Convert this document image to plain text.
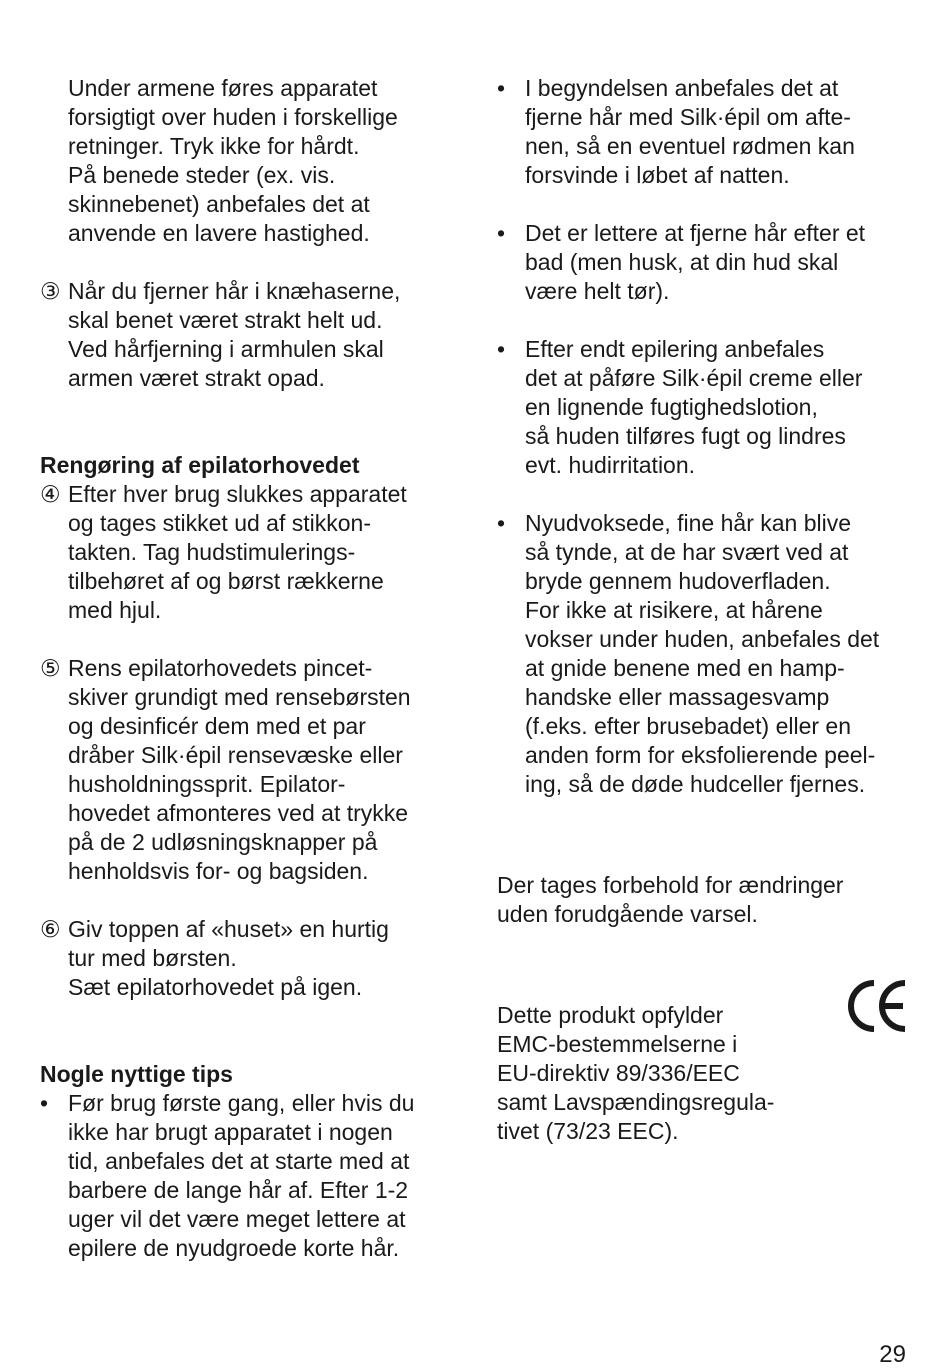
Under armene føres apparatet
forsigtigt over huden i forskellige
retninger. Tryk ikke for hårdt.
På benede steder (ex. vis.
skinnebenet) anbefales det at
anvende en lavere hastighed.
③ Når du fjerner hår i knæhaserne,
skal benet været strakt helt ud.
Ved hårfjerning i armhulen skal
armen været strakt opad.
Rengøring af epilatorhovedet
④ Efter hver brug slukkes apparatet
og tages stikket ud af stikkon-
takten. Tag hudstimulerings-
tilbehøret af og børst rækkerne
med hjul.
⑤ Rens epilatorhovedets pincet-
skiver grundigt med rensebørsten
og desinficér dem med et par
dråber Silk·épil rensevæske eller
husholdningssprit. Epilator-
hovedet afmonteres ved at trykke
på de 2 udløsningsknapper på
henholdsvis for- og bagsiden.
⑥ Giv toppen af «huset» en hurtig
tur med børsten.
Sæt epilatorhovedet på igen.
Nogle nyttige tips
• Før brug første gang, eller hvis du
ikke har brugt apparatet i nogen
tid, anbefales det at starte med at
barbere de lange hår af. Efter 1-2
uger vil det være meget lettere at
epilere de nyudgroede korte hår.
• I begyndelsen anbefales det at
fjerne hår med Silk·épil om afte-
nen, så en eventuel rødmen kan
forsvinde i løbet af natten.
• Det er lettere at fjerne hår efter et
bad (men husk, at din hud skal
være helt tør).
• Efter endt epilering anbefales
det at påføre Silk·épil creme eller
en lignende fugtighedslotion,
så huden tilføres fugt og lindres
evt. hudirritation.
• Nyudvoksede, fine hår kan blive
så tynde, at de har svært ved at
bryde gennem hudoverfladen.
For ikke at risikere, at hårene
vokser under huden, anbefales det
at gnide benene med en hamp-
handske eller massagesvamp
(f.eks. efter brusebadet) eller en
anden form for eksfolierende peel-
ing, så de døde hudceller fjernes.
Der tages forbehold for ændringer
uden forudgående varsel.
Dette produkt opfylder
EMC-bestemmelserne i
EU-direktiv 89/336/EEC
samt Lavspændingsregula-
tivet (73/23 EEC).
29
